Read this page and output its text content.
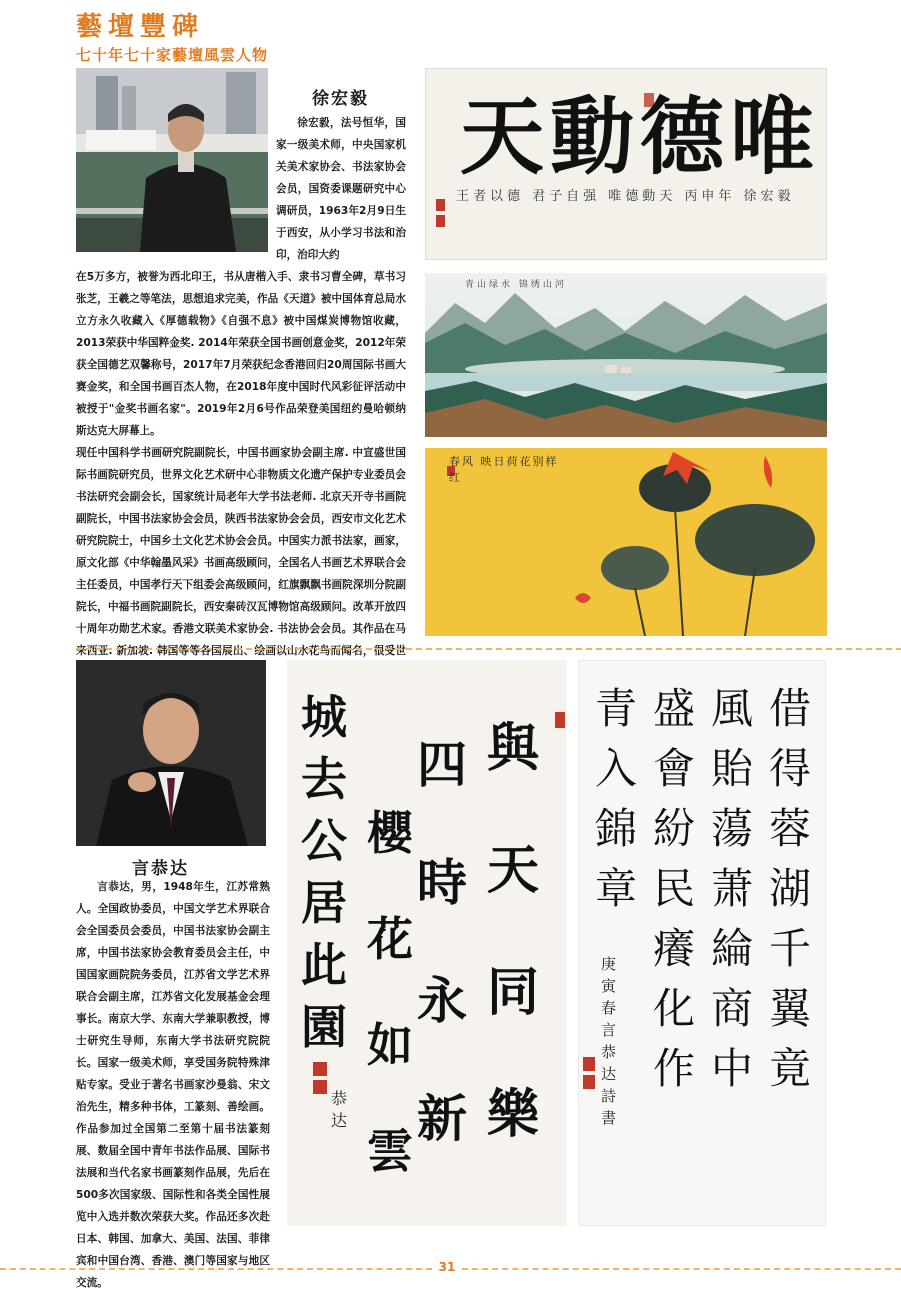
藝壇豐碑
七十年七十家藝壇風雲人物
徐宏毅

徐宏毅，法号恒华，国家一级美术师，中央国家机关美术家协会、书法家协会会员，国资委课题研究中心调研员，1963年2月9日生于西安，从小学习书法和治印，治印大约

在5万多方，被誉为西北印王，书从唐楷入手、隶书习曹全碑，草书习张芝，王羲之等笔法，思想追求完美，作品《天道》被中国体育总局水立方永久收藏入《厚德载物》《自强不息》被中国煤炭博物馆收藏，2013荣获中华国粹金奖. 2014年荣获全国书画创意金奖，2012年荣获全国德艺双馨称号，2017年7月荣获纪念香港回归20周国际书画大赛金奖，和全国书画百杰人物，在2018年度中国时代风彩征评活动中被授于"金奖书画名家"。2019年2月6号作品荣登美国纽约曼哈顿纳斯达克大屏幕上。

现任中国科学书画研究院副院长，中国书画家协会副主席. 中宣盛世国际书画院研究员，世界文化艺术研中心非物质文化遗产保护专业委员会书法研究会副会长，国家统计局老年大学书法老师. 北京天开寺书画院副院长，中国书法家协会会员，陕西书法家协会会员，西安市文化艺术研究院院士，中国乡土文化艺术协会会员。中国实力派书法家，画家，原文化部《中华翰墨风采》书画高级顾问，全国名人书画艺术界联合会主任委员，中国孝行天下组委会高级顾问，红旗飘飘书画院深圳分院副院长，中福书画院副院长，西安秦砖汉瓦博物馆高级顾问。改革开放四十周年功勋艺术家。香港文联美术家协会. 书法协会会员。其作品在马来西亚. 新加坡. 韩国等等各国展出、绘画以山水花鸟而闻名，很受世

唯德動天
王者以德 君子自强 唯德動天 丙申年 徐宏毅
青山绿水 锦绣山河
春风 映日荷花别样红
言恭达

言恭达，男，1948年生，江苏常熟人。全国政协委员，中国文学艺术界联合会全国委员会委员，中国书法家协会副主席，中国书法家协会教育委员会主任，中国国家画院院务委员，江苏省文学艺术界联合会副主席，江苏省文化发展基金会理事长。南京大学、东南大学兼职教授，博士研究生导师，东南大学书法研究院院长。国家一级美术师，享受国务院特殊津贴专家。受业于著名书画家沙曼翁、宋文治先生，精多种书体，工篆刻、善绘画。作品参加过全国第二至第十届书法篆刻展、数届全国中青年书法作品展、国际书法展和当代名家书画篆刻作品展，先后在500多次国家级、国际性和各类全国性展览中入选并数次荣获大奖。作品还多次赴日本、韩国、加拿大、美国、法国、菲律宾和中国台湾、香港、澳门等国家与地区交流。

與天同樂
四時永新
櫻花如雲
城去公居此園
恭达
借得蓉湖千翼竟
風貽蕩萧綸商中
盛會紛民癢化作
青入錦章
庚寅春 言恭达詩書
31
